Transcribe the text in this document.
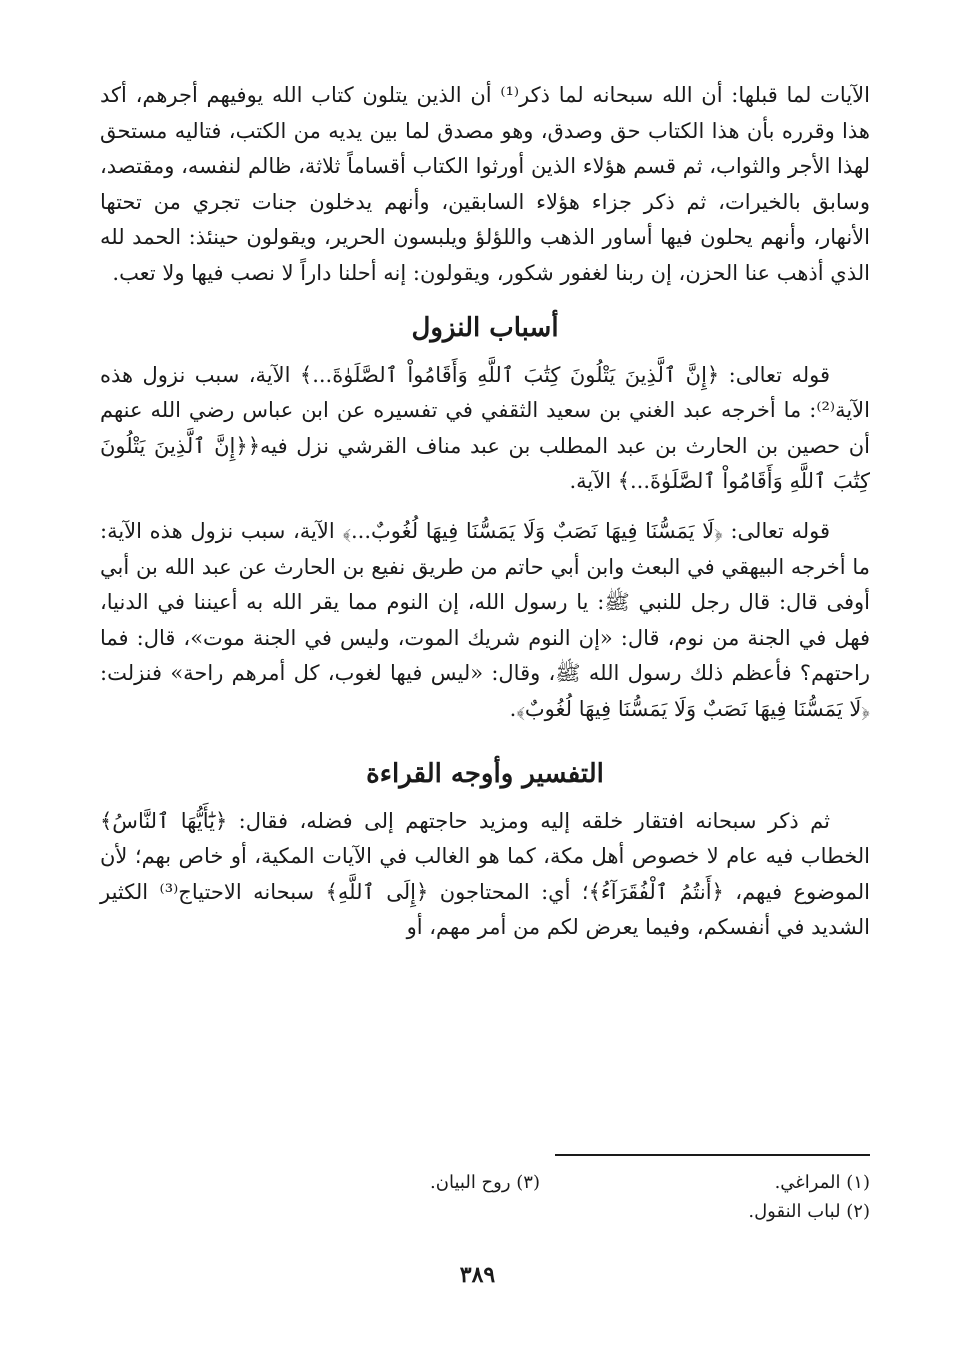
الآيات لما قبلها: أن الله سبحانه لما ذكر⁽¹⁾ أن الذين يتلون كتاب الله يوفيهم أجرهم، أكد هذا وقرره بأن هذا الكتاب حق وصدق، وهو مصدق لما بين يديه من الكتب، فتاليه مستحق لهذا الأجر والثواب، ثم قسم هؤلاء الذين أورثوا الكتاب أقساماً ثلاثة، ظالم لنفسه، ومقتصد، وسابق بالخيرات، ثم ذكر جزاء هؤلاء السابقين، وأنهم يدخلون جنات تجري من تحتها الأنهار، وأنهم يحلون فيها أساور الذهب واللؤلؤ ويلبسون الحرير، ويقولون حينئذ: الحمد لله الذي أذهب عنا الحزن، إن ربنا لغفور شكور، ويقولون: إنه أحلنا داراً لا نصب فيها ولا تعب.

أسباب النزول

قوله تعالى: ﴿إِنَّ ٱلَّذِينَ يَتْلُونَ كِتَٰبَ ٱللَّهِ وَأَقَامُواْ ٱلصَّلَوٰةَ...﴾ الآية، سبب نزول هذه الآية⁽²⁾: ما أخرجه عبد الغني بن سعيد الثقفي في تفسيره عن ابن عباس رضي الله عنهم أن حصين بن الحارث بن عبد المطلب بن عبد مناف القرشي نزل فيه﴿﴿إِنَّ ٱلَّذِينَ يَتْلُونَ كِتَٰبَ ٱللَّهِ وَأَقَامُواْ ٱلصَّلَوٰةَ...﴾ الآية.

قوله تعالى: ﴿لَا يَمَسُّنَا فِيهَا نَصَبٌ وَلَا يَمَسُّنَا فِيهَا لُغُوبٌ...﴾ الآية، سبب نزول هذه الآية: ما أخرجه البيهقي في البعث وابن أبي حاتم من طريق نفيع بن الحارث عن عبد الله بن أبي أوفى قال: قال رجل للنبي ﷺ: يا رسول الله، إن النوم مما يقر الله به أعيننا في الدنيا، فهل في الجنة من نوم، قال: «إن النوم شريك الموت، وليس في الجنة موت»، قال: فما راحتهم؟ فأعظم ذلك رسول الله ﷺ، وقال: «ليس فيها لغوب، كل أمرهم راحة» فنزلت: ﴿لَا يَمَسُّنَا فِيهَا نَصَبٌ وَلَا يَمَسُّنَا فِيهَا لُغُوبٌ﴾.

التفسير وأوجه القراءة

ثم ذكر سبحانه افتقار خلقه إليه ومزيد حاجتهم إلى فضله، فقال: ﴿يَٰٓأَيُّهَا ٱلنَّاسُ﴾ الخطاب فيه عام لا خصوص أهل مكة، كما هو الغالب في الآيات المكية، أو خاص بهم؛ لأن الموضوع فيهم، ﴿أَنتُمُ ٱلْفُقَرَآءُ﴾؛ أي: المحتاجون ﴿إِلَى ٱللَّهِ﴾ سبحانه الاحتياج⁽³⁾ الكثير الشديد في أنفسكم، وفيما يعرض لكم من أمر مهم، أو

(١) المراغي.
(٣) روح البيان.
(٢) لباب النقول.
٣٨٩
